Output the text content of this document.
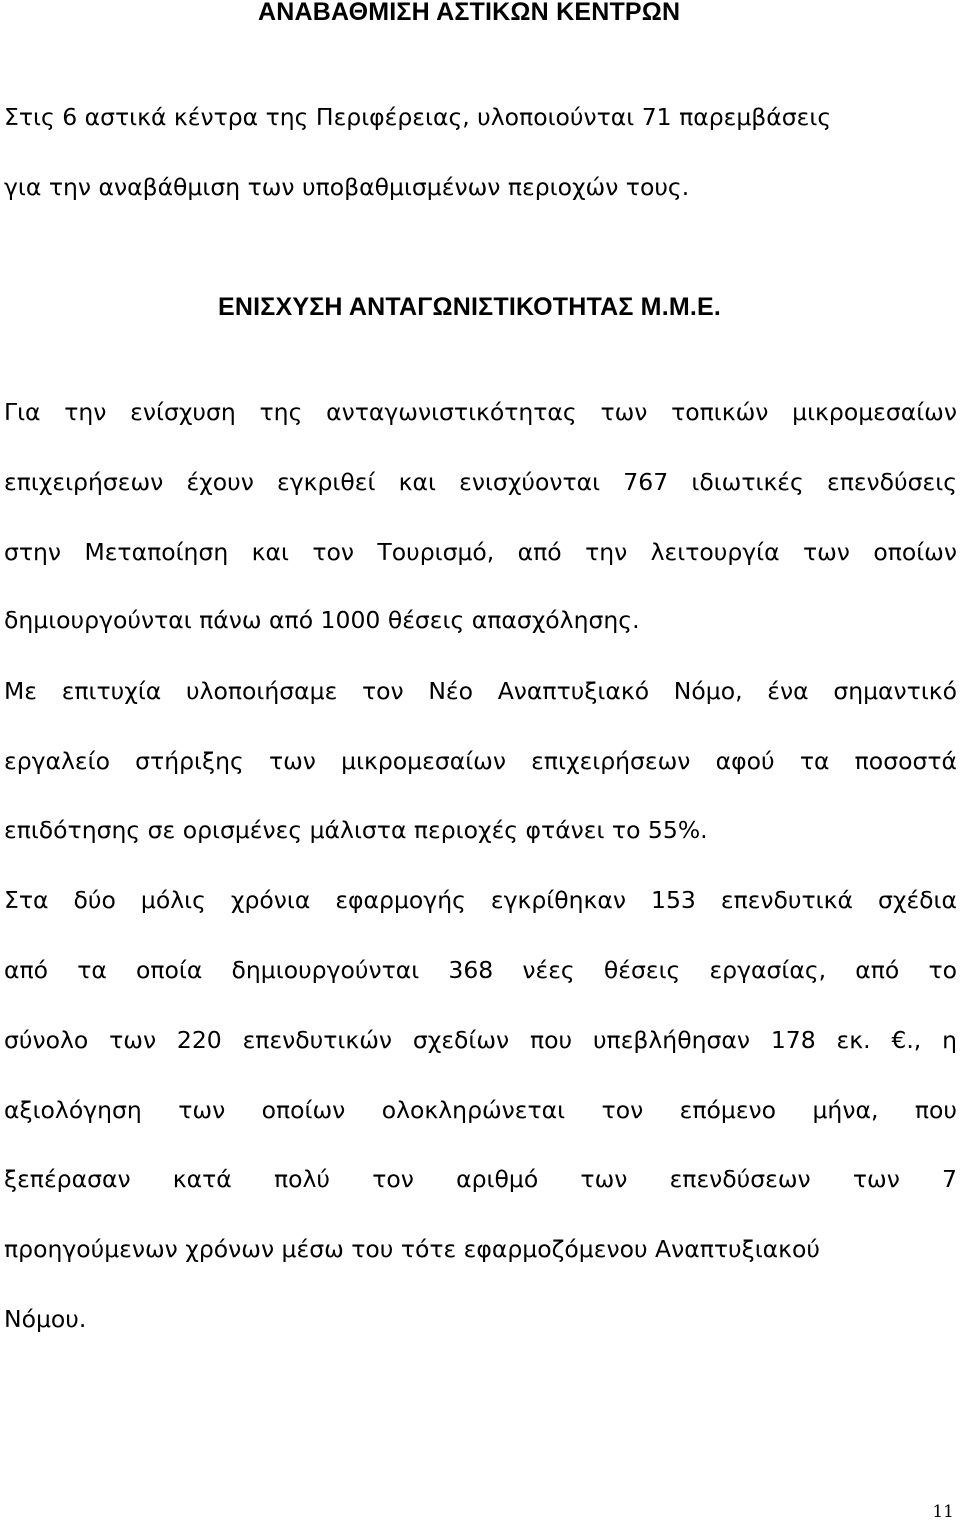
ΑΝΑΒΑΘΜΙΣΗ ΑΣΤΙΚΩΝ ΚΕΝΤΡΩΝ
Στις 6 αστικά κέντρα της Περιφέρειας, υλοποιούνται 71 παρεμβάσεις
για την αναβάθμιση των υποβαθμισμένων περιοχών τους.
ΕΝΙΣΧΥΣΗ ΑΝΤΑΓΩΝΙΣΤΙΚΟΤΗΤΑΣ Μ.Μ.Ε.
Για την ενίσχυση της ανταγωνιστικότητας των τοπικών μικρομεσαίων
επιχειρήσεων έχουν εγκριθεί και ενισχύονται 767 ιδιωτικές επενδύσεις
στην Μεταποίηση και τον Τουρισμό, από την λειτουργία των οποίων
δημιουργούνται πάνω από 1000 θέσεις απασχόλησης.
Με επιτυχία υλοποιήσαμε τον Νέο Αναπτυξιακό Νόμο, ένα σημαντικό
εργαλείο στήριξης των μικρομεσαίων επιχειρήσεων αφού τα ποσοστά
επιδότησης σε ορισμένες μάλιστα περιοχές φτάνει το 55%.
Στα δύο μόλις χρόνια εφαρμογής εγκρίθηκαν 153 επενδυτικά σχέδια
από τα οποία δημιουργούνται 368 νέες θέσεις εργασίας, από το
σύνολο των 220 επενδυτικών σχεδίων που υπεβλήθησαν 178 εκ. €., η
αξιολόγηση των οποίων ολοκληρώνεται τον επόμενο μήνα, που
ξεπέρασαν κατά πολύ τον αριθμό των επενδύσεων των 7
προηγούμενων χρόνων μέσω του τότε εφαρμοζόμενου Αναπτυξιακού
Νόμου.
11
